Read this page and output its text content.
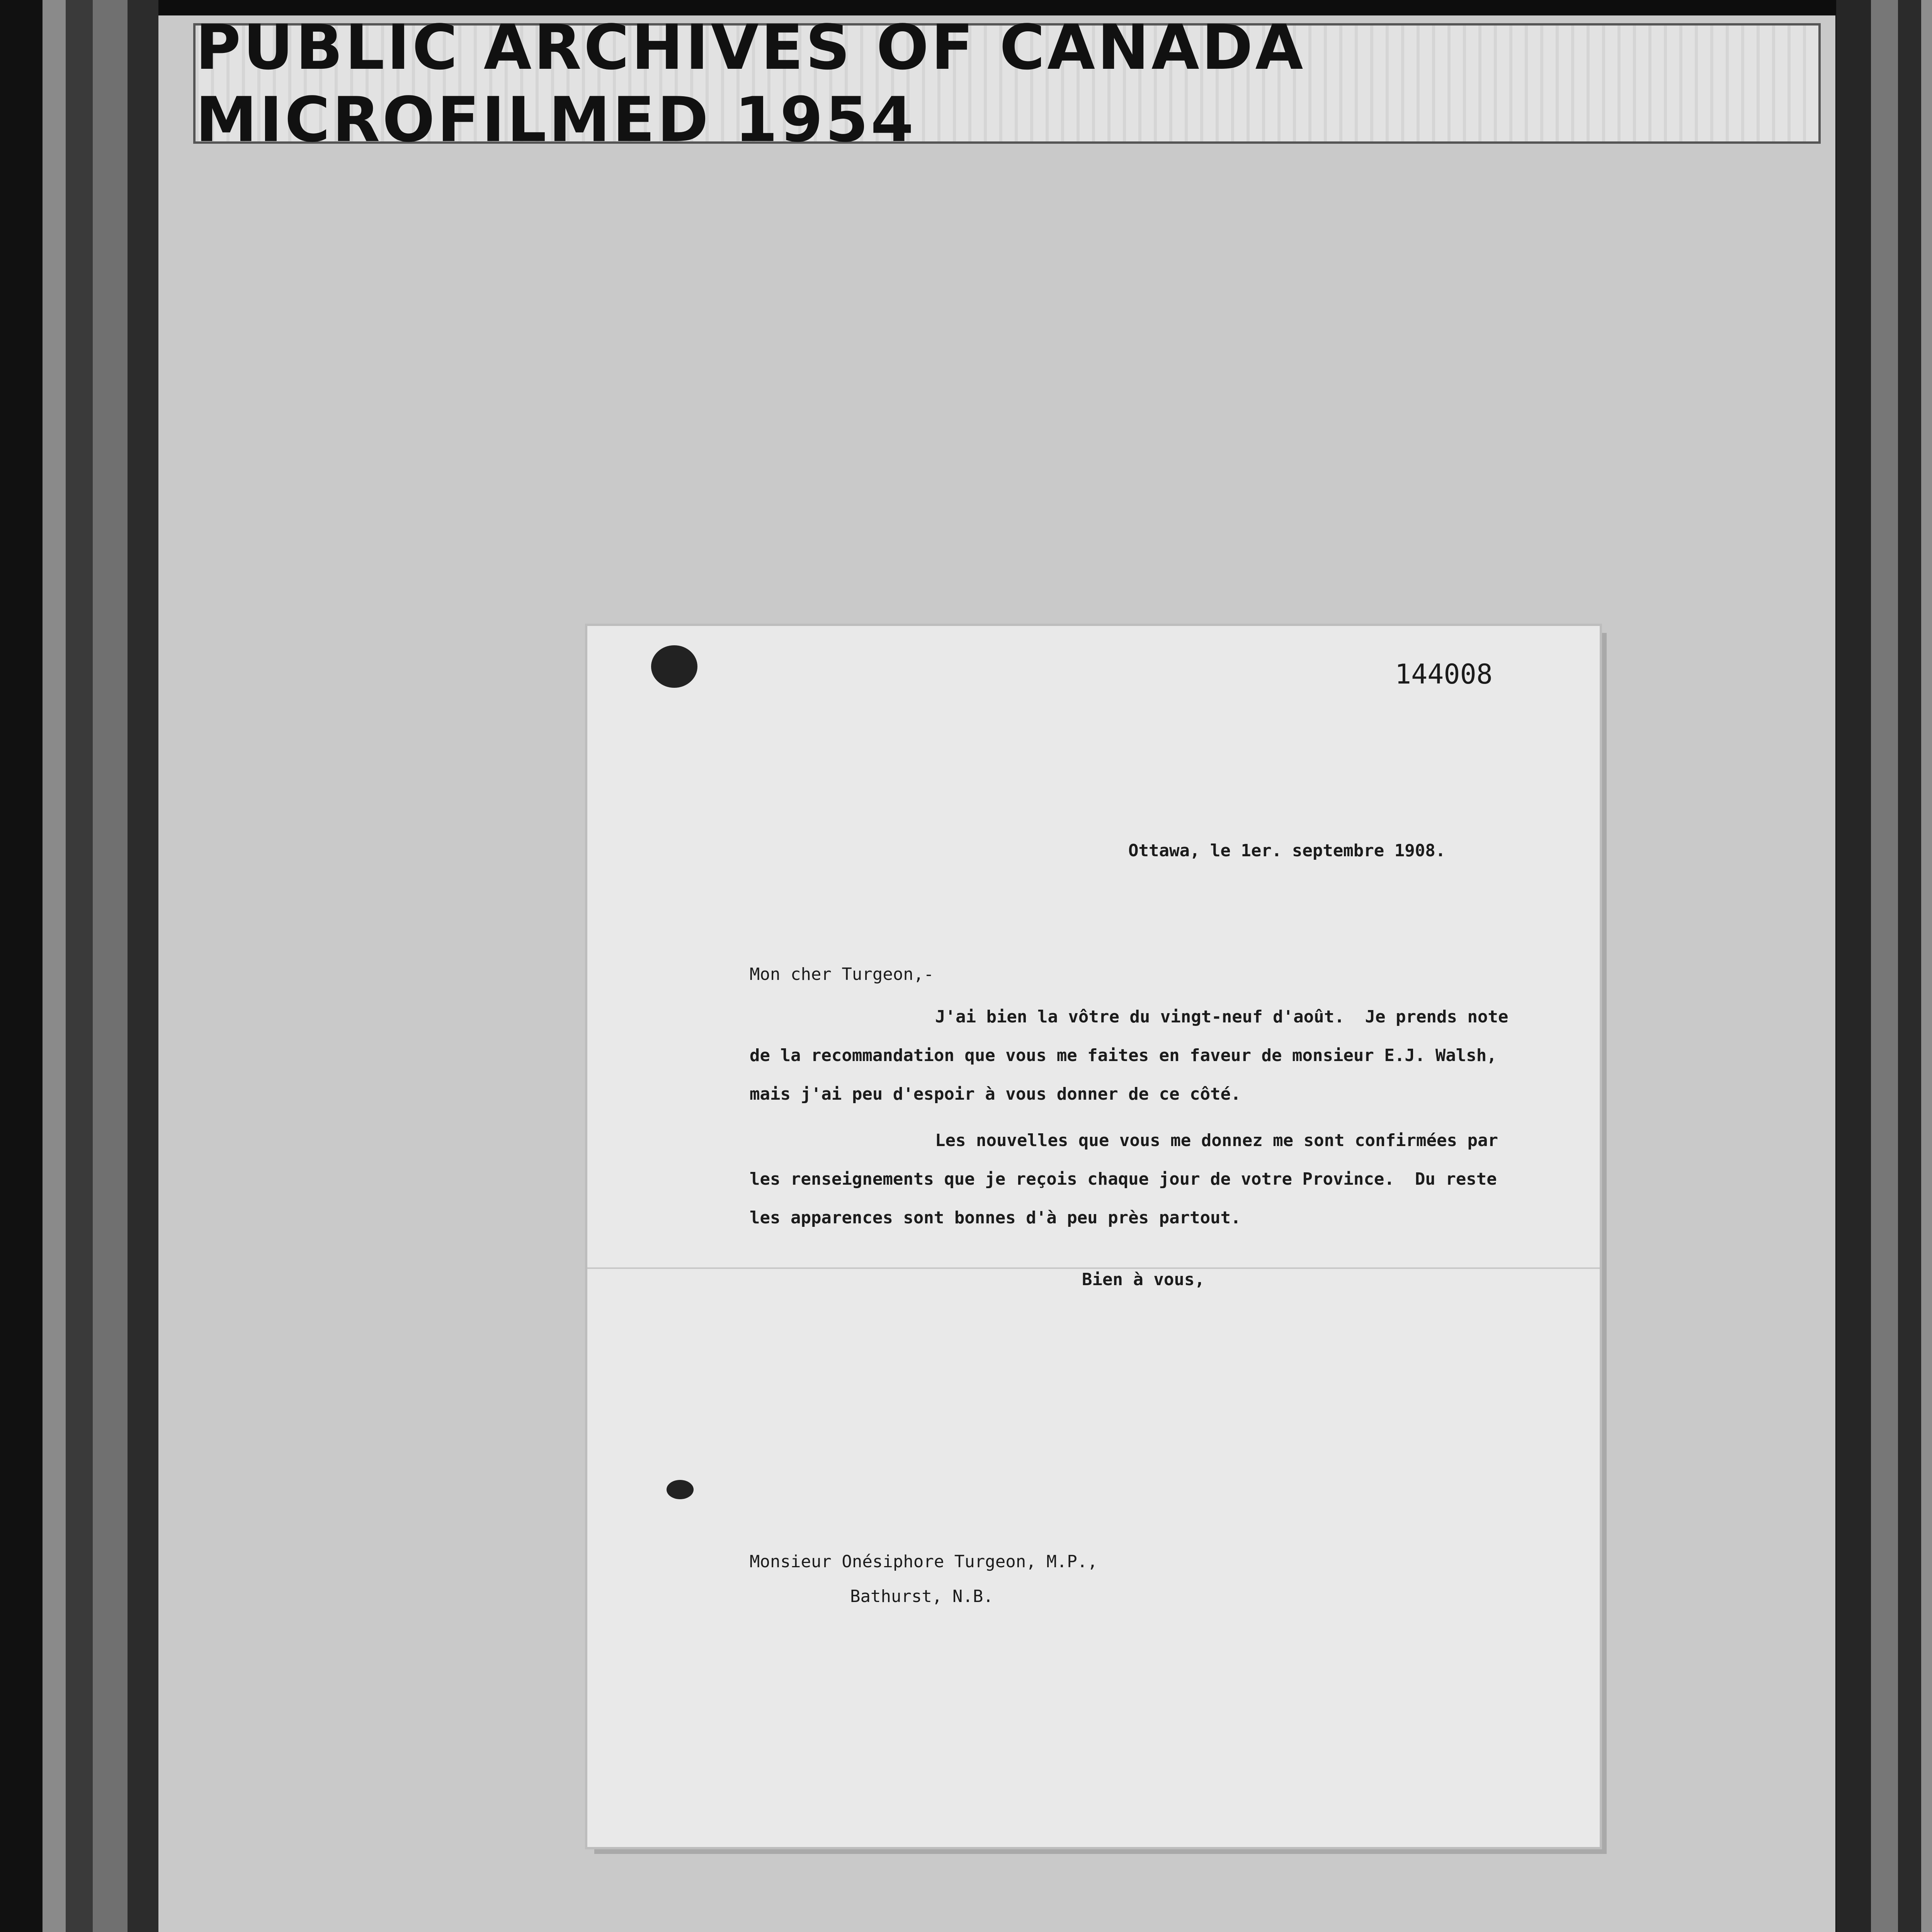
PUBLIC ARCHIVES OF CANADA MICROFILMED 1954
144008
Ottawa, le 1er. septembre 1908.
Mon cher Turgeon,-
J'ai bien la vôtre du vingt-neuf d'août.  Je prends note
de la recommandation que vous me faites en faveur de monsieur E.J. Walsh,
mais j'ai peu d'espoir à vous donner de ce côté.
Les nouvelles que vous me donnez me sont confirmées par
les renseignements que je reçois chaque jour de votre Province.  Du reste
les apparences sont bonnes d'à peu près partout.
Bien à vous,
Monsieur Onésiphore Turgeon, M.P.,
Bathurst, N.B.
